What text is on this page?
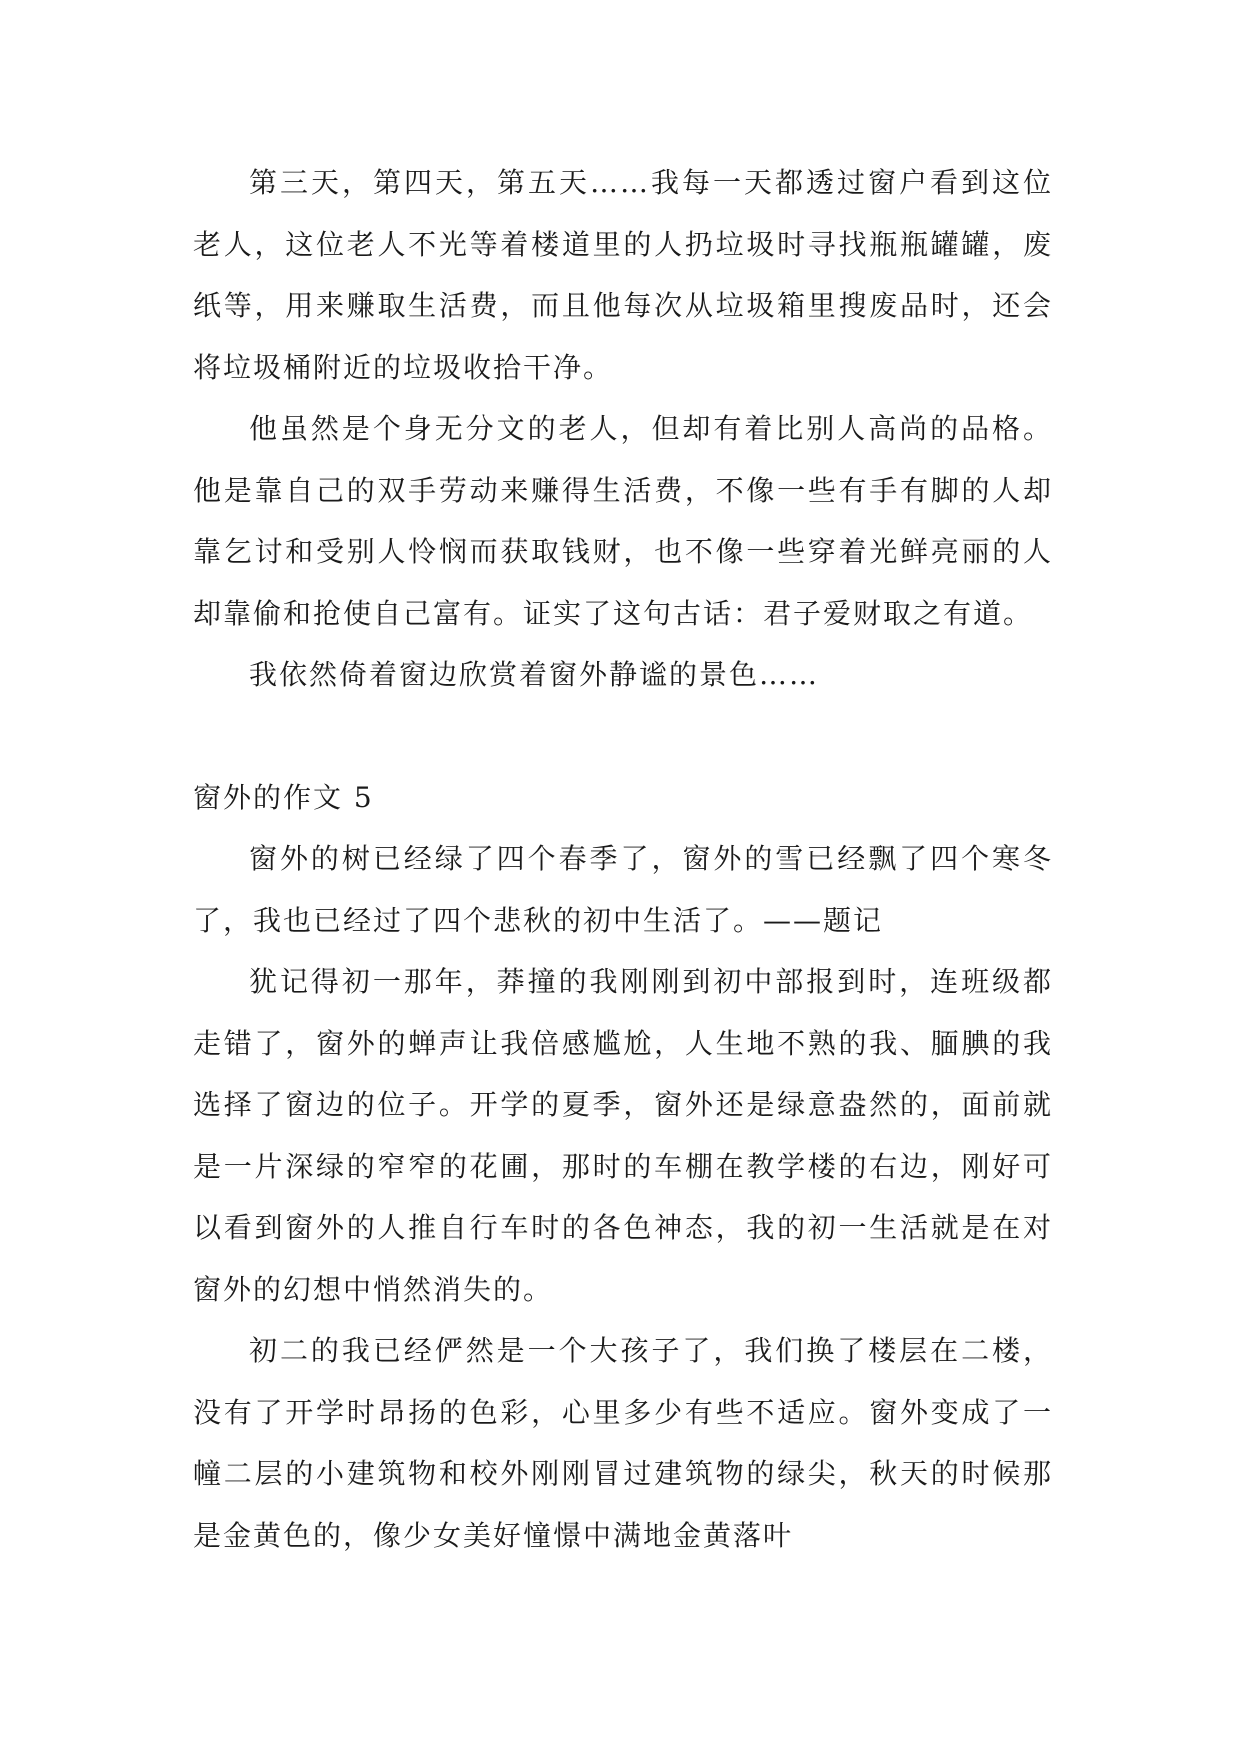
第三天，第四天，第五天……我每一天都透过窗户看到这位老人，这位老人不光等着楼道里的人扔垃圾时寻找瓶瓶罐罐，废纸等，用来赚取生活费，而且他每次从垃圾箱里搜废品时，还会将垃圾桶附近的垃圾收拾干净。

他虽然是个身无分文的老人，但却有着比别人高尚的品格。他是靠自己的双手劳动来赚得生活费，不像一些有手有脚的人却靠乞讨和受别人怜悯而获取钱财，也不像一些穿着光鲜亮丽的人却靠偷和抢使自己富有。证实了这句古话：君子爱财取之有道。

我依然倚着窗边欣赏着窗外静谧的景色……

窗外的作文 5

窗外的树已经绿了四个春季了，窗外的雪已经飘了四个寒冬了，我也已经过了四个悲秋的初中生活了。——题记

犹记得初一那年，莽撞的我刚刚到初中部报到时，连班级都走错了，窗外的蝉声让我倍感尴尬，人生地不熟的我、腼腆的我选择了窗边的位子。开学的夏季，窗外还是绿意盎然的，面前就是一片深绿的窄窄的花圃，那时的车棚在教学楼的右边，刚好可以看到窗外的人推自行车时的各色神态，我的初一生活就是在对窗外的幻想中悄然消失的。

初二的我已经俨然是一个大孩子了，我们换了楼层在二楼，没有了开学时昂扬的色彩，心里多少有些不适应。窗外变成了一幢二层的小建筑物和校外刚刚冒过建筑物的绿尖，秋天的时候那是金黄色的，像少女美好憧憬中满地金黄落叶
